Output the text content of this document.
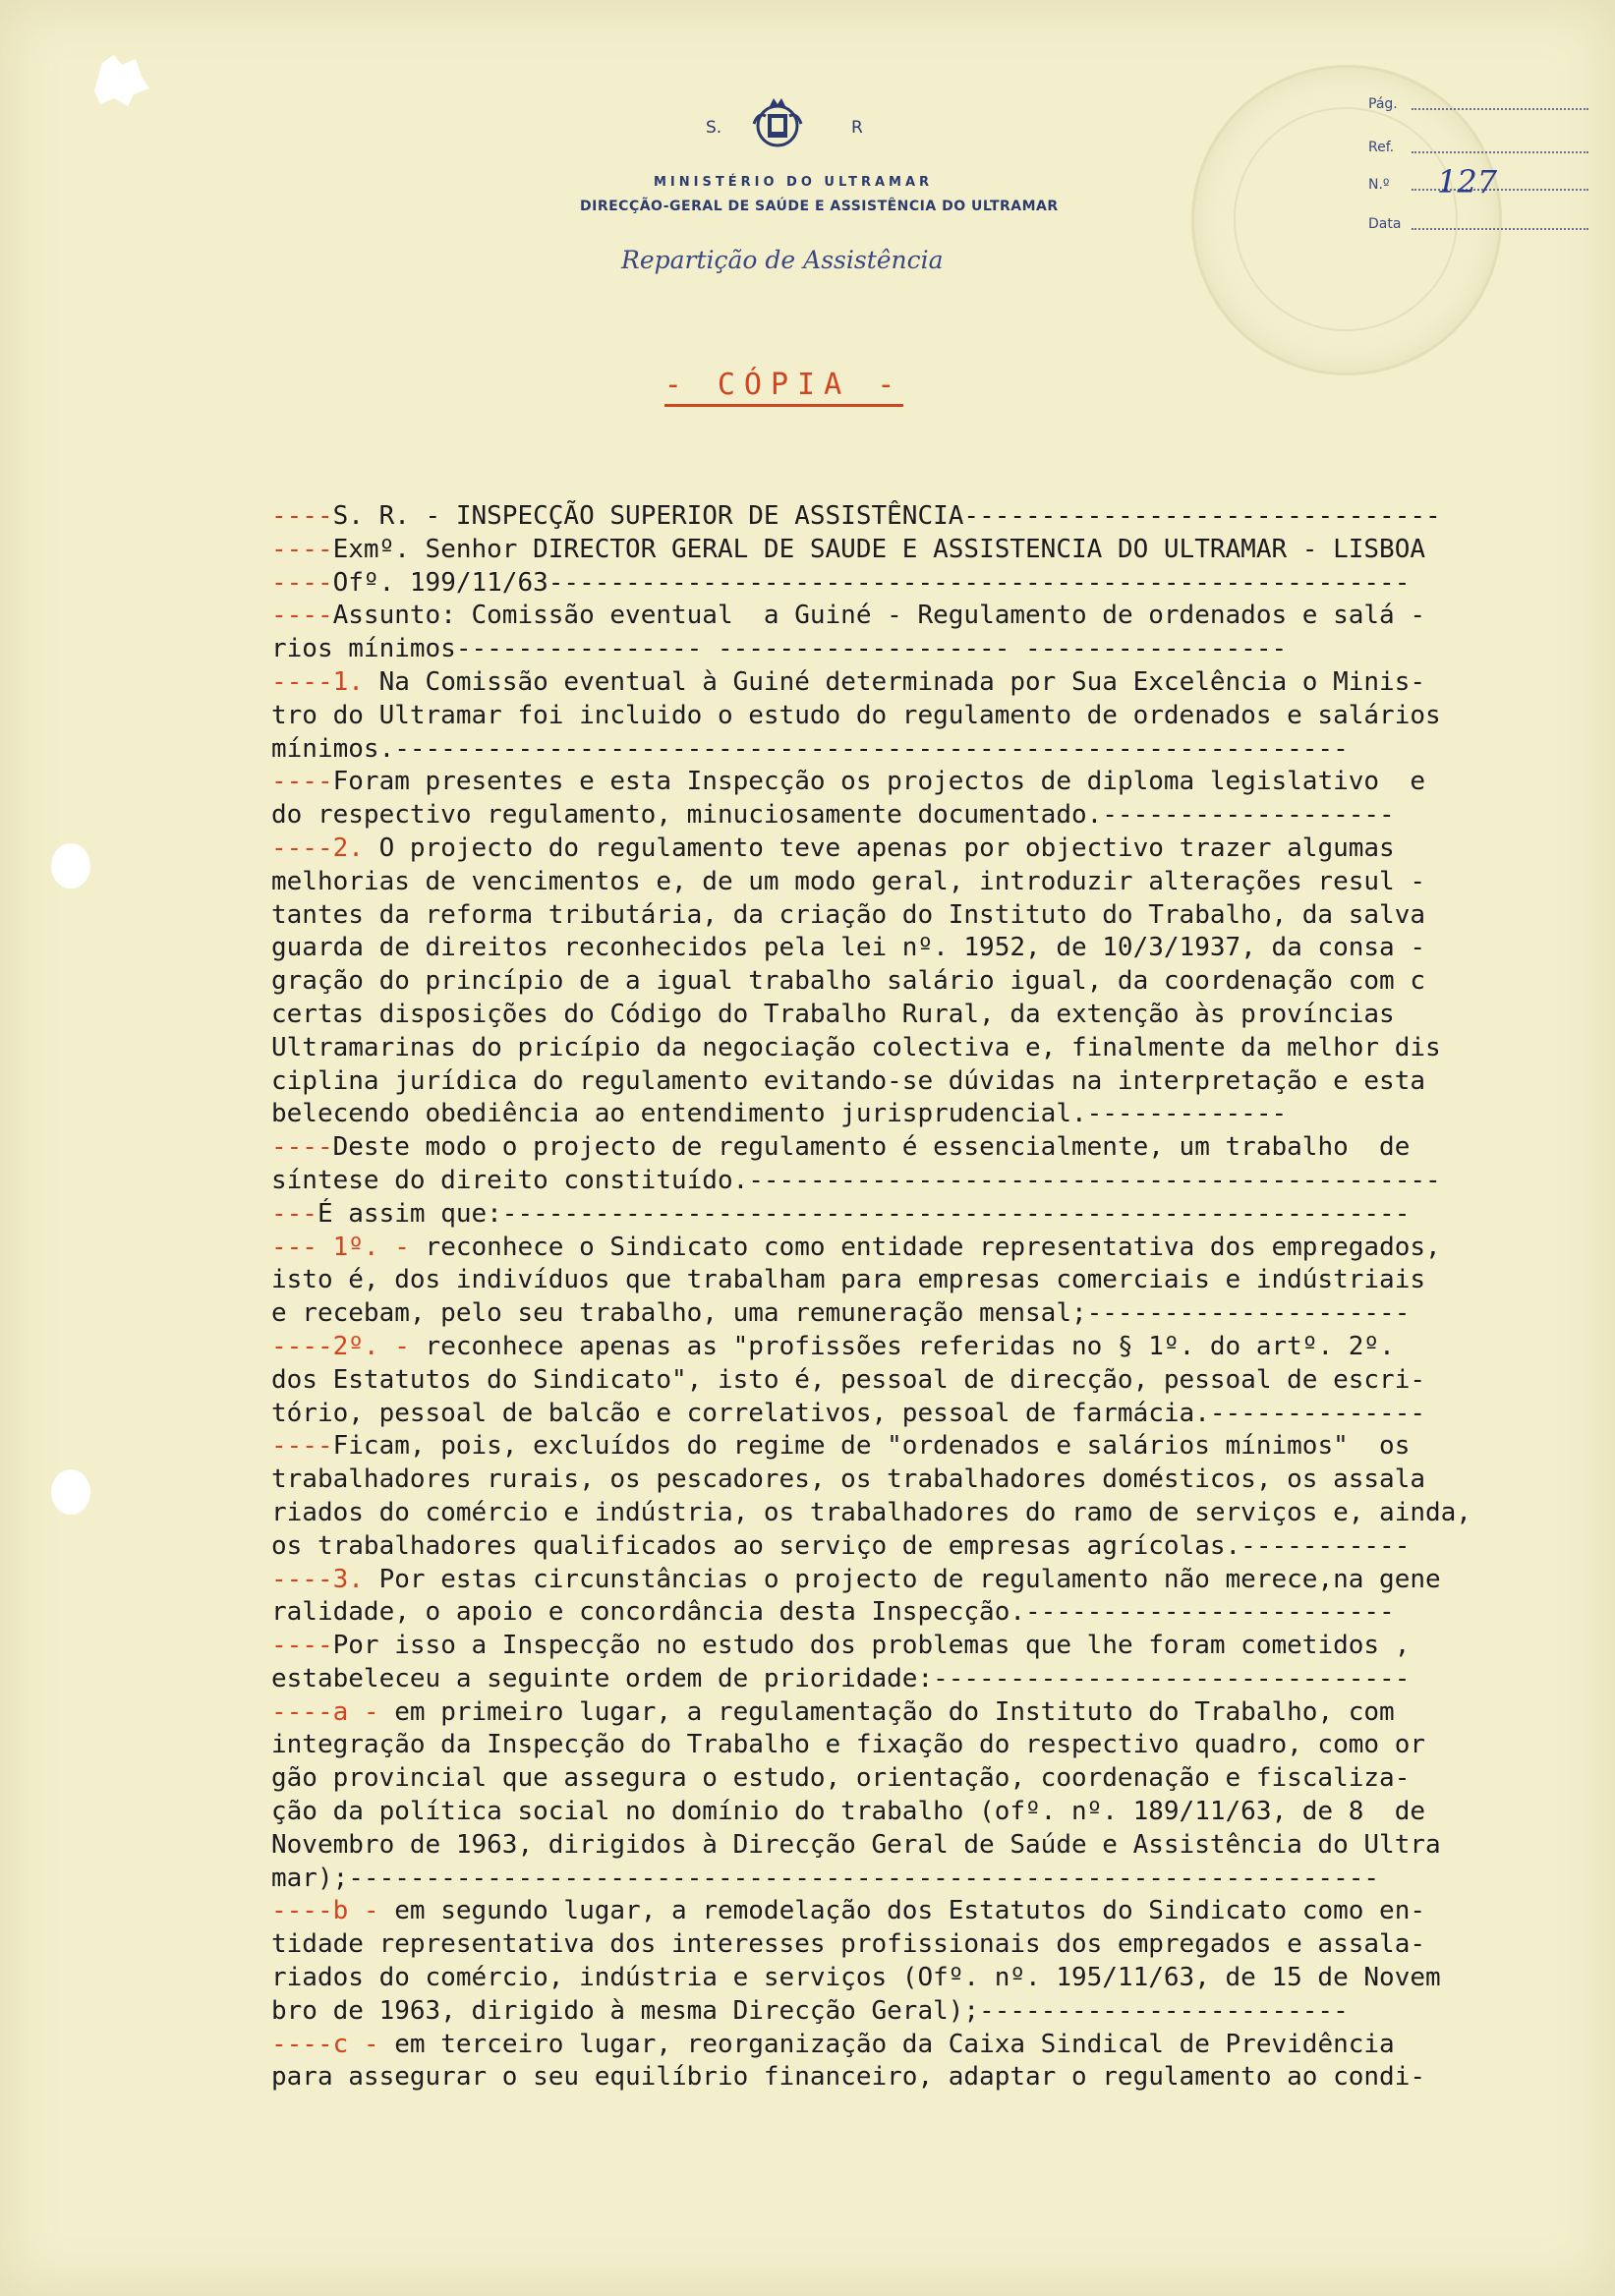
S.	R
MINISTÉRIO DO ULTRAMAR
DIRECÇÃO-GERAL DE SAÚDE E ASSISTÊNCIA DO ULTRAMAR
Repartição de Assistência
Pág.
Ref.
N.º 127
Data
- CÓPIA -
----S. R. - INSPECÇÃO SUPERIOR DE ASSISTÊNCIA-------------------------------
----Exmº. Senhor DIRECTOR GERAL DE SAUDE E ASSISTENCIA DO ULTRAMAR - LISBOA
----Ofº. 199/11/63--------------------------------------------------------
----Assunto: Comissão eventual  a Guiné - Regulamento de ordenados e salá -
rios mínimos---------------- ------------------- -----------------
----1. Na Comissão eventual à Guiné determinada por Sua Excelência o Minis-
tro do Ultramar foi incluido o estudo do regulamento de ordenados e salários
mínimos.--------------------------------------------------------------
----Foram presentes e esta Inspecção os projectos de diploma legislativo  e
do respectivo regulamento, minuciosamente documentado.-------------------
----2. O projecto do regulamento teve apenas por objectivo trazer algumas
melhorias de vencimentos e, de um modo geral, introduzir alterações resul -
tantes da reforma tributária, da criação do Instituto do Trabalho, da salva
guarda de direitos reconhecidos pela lei nº. 1952, de 10/3/1937, da consa -
gração do princípio de a igual trabalho salário igual, da coordenação com c
certas disposições do Código do Trabalho Rural, da extenção às províncias
Ultramarinas do pricípio da negociação colectiva e, finalmente da melhor dis
ciplina jurídica do regulamento evitando-se dúvidas na interpretação e esta
belecendo obediência ao entendimento jurisprudencial.-------------
----Deste modo o projecto de regulamento é essencialmente, um trabalho  de
síntese do direito constituído.---------------------------------------------
---É assim que:-----------------------------------------------------------
--- 1º. - reconhece o Sindicato como entidade representativa dos empregados,
isto é, dos indivíduos que trabalham para empresas comerciais e indústriais
e recebam, pelo seu trabalho, uma remuneração mensal;---------------------
----2º. - reconhece apenas as "profissões referidas no § 1º. do artº. 2º.
dos Estatutos do Sindicato", isto é, pessoal de direcção, pessoal de escri-
tório, pessoal de balcão e correlativos, pessoal de farmácia.--------------
----Ficam, pois, excluídos do regime de "ordenados e salários mínimos"  os
trabalhadores rurais, os pescadores, os trabalhadores domésticos, os assala
riados do comércio e indústria, os trabalhadores do ramo de serviços e, ainda,
os trabalhadores qualificados ao serviço de empresas agrícolas.-----------
----3. Por estas circunstâncias o projecto de regulamento não merece,na gene
ralidade, o apoio e concordância desta Inspecção.------------------------
----Por isso a Inspecção no estudo dos problemas que lhe foram cometidos ,
estabeleceu a seguinte ordem de prioridade:-------------------------------
----a - em primeiro lugar, a regulamentação do Instituto do Trabalho, com
integração da Inspecção do Trabalho e fixação do respectivo quadro, como or
gão provincial que assegura o estudo, orientação, coordenação e fiscaliza-
ção da política social no domínio do trabalho (ofº. nº. 189/11/63, de 8  de
Novembro de 1963, dirigidos à Direcção Geral de Saúde e Assistência do Ultra
mar);-------------------------------------------------------------------
----b - em segundo lugar, a remodelação dos Estatutos do Sindicato como en-
tidade representativa dos interesses profissionais dos empregados e assala-
riados do comércio, indústria e serviços (Ofº. nº. 195/11/63, de 15 de Novem
bro de 1963, dirigido à mesma Direcção Geral);------------------------
----c - em terceiro lugar, reorganização da Caixa Sindical de Previdência
para assegurar o seu equilíbrio financeiro, adaptar o regulamento ao condi-
